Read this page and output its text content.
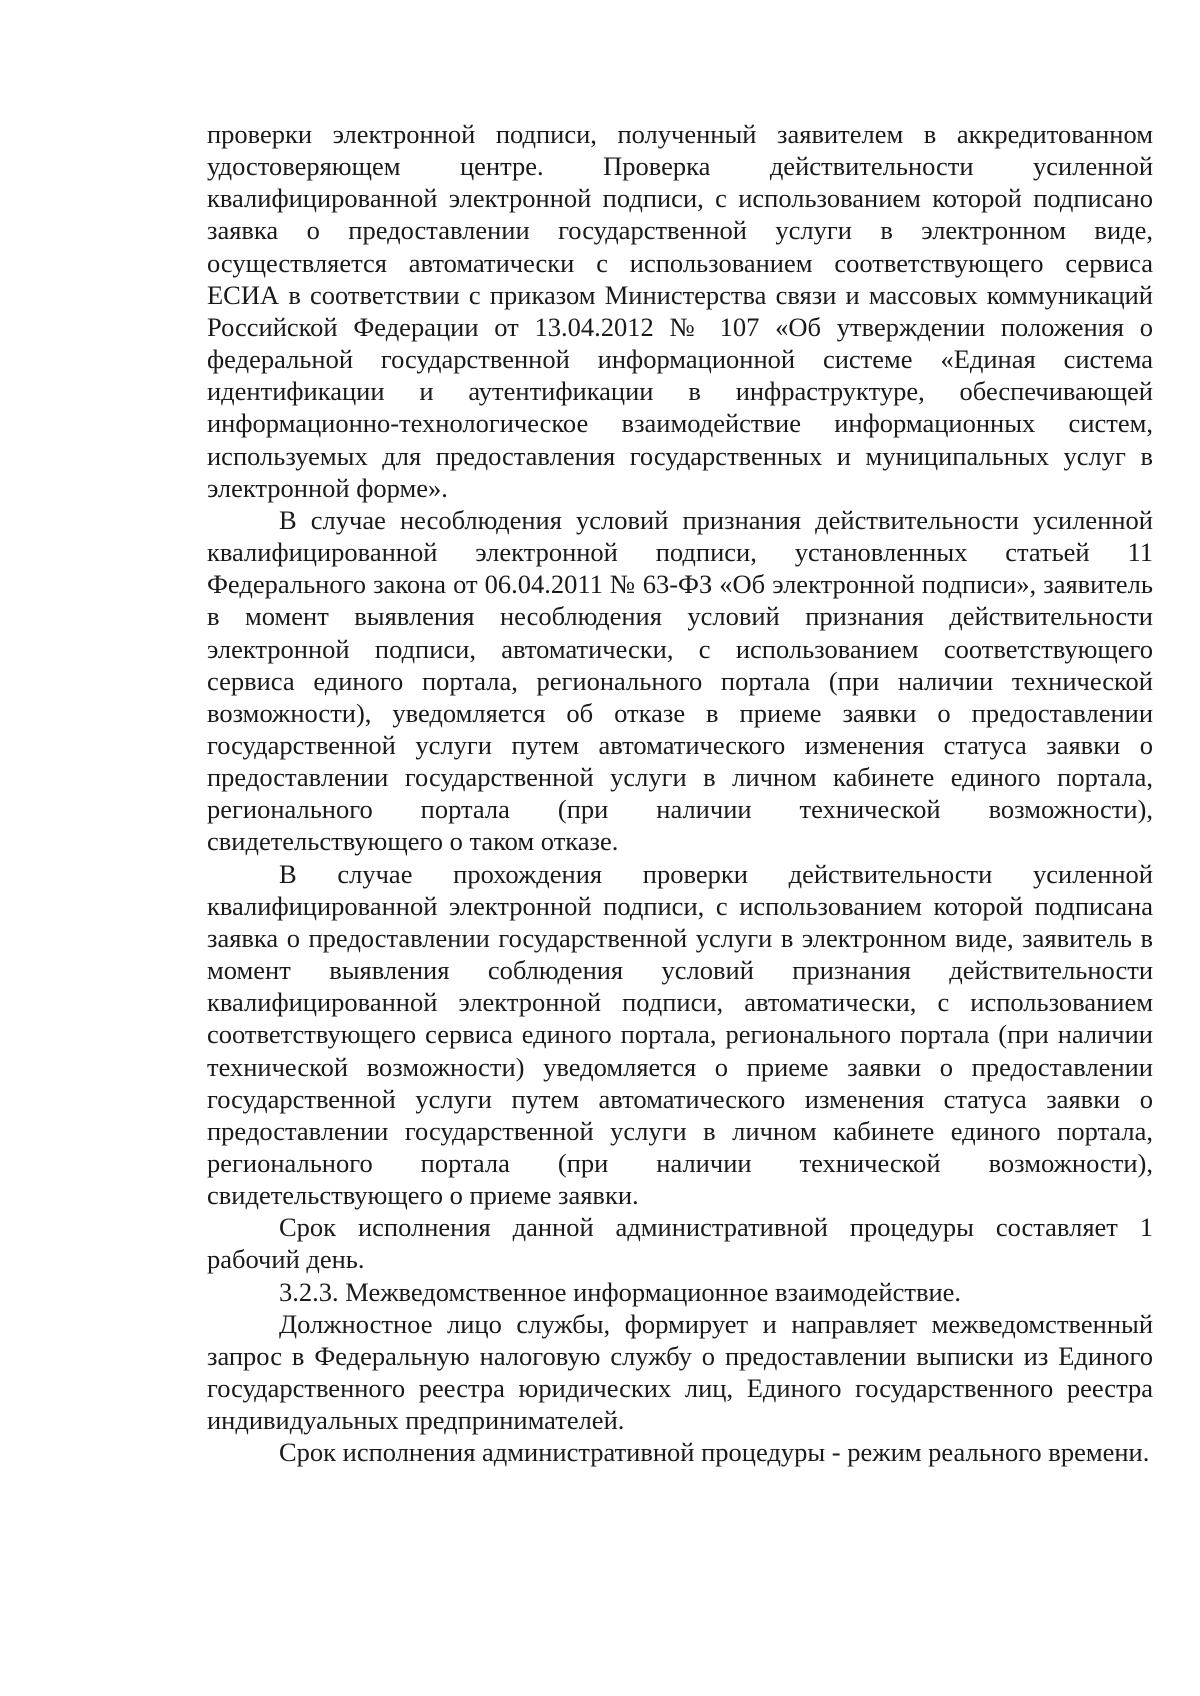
проверки электронной подписи, полученный заявителем в аккредитованном удостоверяющем центре. Проверка действительности усиленной квалифицированной электронной подписи, с использованием которой подписано заявка о предоставлении государственной услуги в электронном виде, осуществляется автоматически с использованием соответствующего сервиса ЕСИА в соответствии с приказом Министерства связи и массовых коммуникаций Российской Федерации от 13.04.2012 № 107 «Об утверждении положения о федеральной государственной информационной системе «Единая система идентификации и аутентификации в инфраструктуре, обеспечивающей информационно-технологическое взаимодействие информационных систем, используемых для предоставления государственных и муниципальных услуг в электронной форме».

В случае несоблюдения условий признания действительности усиленной квалифицированной электронной подписи, установленных статьей 11 Федерального закона от 06.04.2011 № 63-ФЗ «Об электронной подписи», заявитель в момент выявления несоблюдения условий признания действительности электронной подписи, автоматически, с использованием соответствующего сервиса единого портала, регионального портала (при наличии технической возможности), уведомляется об отказе в приеме заявки о предоставлении государственной услуги путем автоматического изменения статуса заявки о предоставлении государственной услуги в личном кабинете единого портала, регионального портала (при наличии технической возможности), свидетельствующего о таком отказе.

В случае прохождения проверки действительности усиленной квалифицированной электронной подписи, с использованием которой подписана заявка о предоставлении государственной услуги в электронном виде, заявитель в момент выявления соблюдения условий признания действительности квалифицированной электронной подписи, автоматически, с использованием соответствующего сервиса единого портала, регионального портала (при наличии технической возможности) уведомляется о приеме заявки о предоставлении государственной услуги путем автоматического изменения статуса заявки о предоставлении государственной услуги в личном кабинете единого портала, регионального портала (при наличии технической возможности), свидетельствующего о приеме заявки.

Срок исполнения данной административной процедуры составляет 1 рабочий день.

3.2.3. Межведомственное информационное взаимодействие.

Должностное лицо службы, формирует и направляет межведомственный запрос в Федеральную налоговую службу о предоставлении выписки из Единого государственного реестра юридических лиц, Единого государственного реестра индивидуальных предпринимателей.

Срок исполнения административной процедуры - режим реального времени.
